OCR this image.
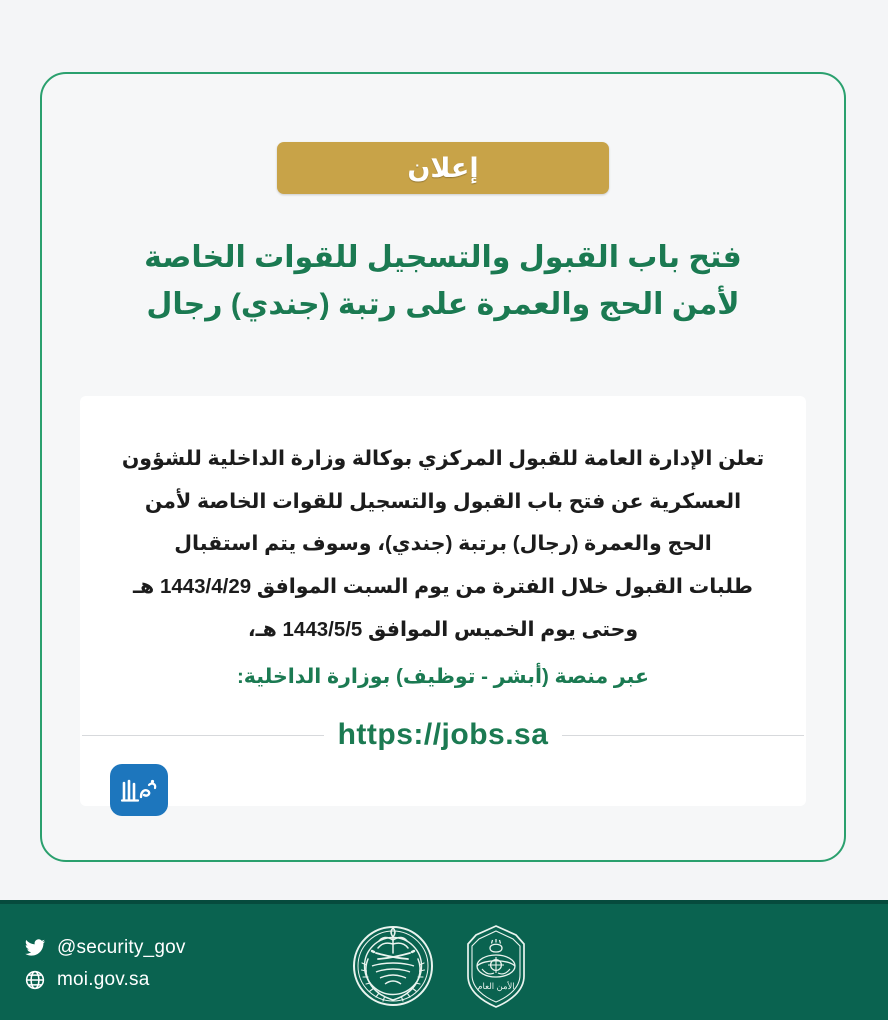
إعلان
فتح باب القبول والتسجيل للقوات الخاصة
لأمن الحج والعمرة على رتبة (جندي) رجال
تعلن الإدارة العامة للقبول المركزي بوكالة وزارة الداخلية للشؤون
العسكرية عن فتح باب القبول والتسجيل للقوات الخاصة لأمن
الحج والعمرة (رجال) برتبة (جندي)، وسوف يتم استقبال
طلبات القبول خلال الفترة من يوم السبت الموافق 1443/4/29 هـ
وحتى يوم الخميس الموافق 1443/5/5 هـ،
عبر منصة (أبشر - توظيف) بوزارة الداخلية:
https://jobs.sa
@security_gov
moi.gov.sa	الأمن العام
